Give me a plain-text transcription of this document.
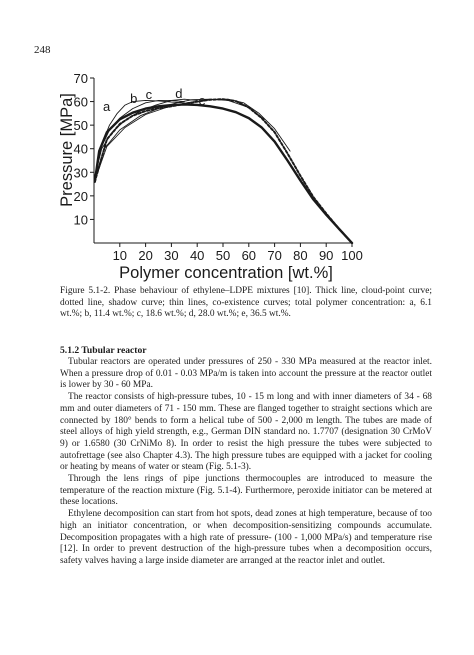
248
10
20
30
40
50
60
70
10 20 30 40 50 60 70 80 90 100
a
b c d e
Polymer concentration [wt.%]
Pressure [MPa]
Figure 5.1-2. Phase behaviour of ethylene–LDPE mixtures [10]. Thick line, cloud-point curve; dotted line, shadow curve; thin lines, co-existence curves; total polymer concentration: a, 6.1 wt.%; b, 11.4 wt.%; c, 18.6 wt.%; d, 28.0 wt.%; e, 36.5 wt.%.
5.1.2 Tubular reactor

Tubular reactors are operated under pressures of 250 - 330 MPa measured at the reactor inlet. When a pressure drop of 0.01 - 0.03 MPa/m is taken into account the pressure at the reactor outlet is lower by 30 - 60 MPa.

The reactor consists of high-pressure tubes, 10 - 15 m long and with inner diameters of 34 - 68 mm and outer diameters of 71 - 150 mm. These are flanged together to straight sections which are connected by 180° bends to form a helical tube of 500 - 2,000 m length. The tubes are made of steel alloys of high yield strength, e.g., German DIN standard no. 1.7707 (designation 30 CrMoV 9) or 1.6580 (30 CrNiMo 8). In order to resist the high pressure the tubes were subjected to autofrettage (see also Chapter 4.3). The high pressure tubes are equipped with a jacket for cooling or heating by means of water or steam (Fig. 5.1-3).

Through the lens rings of pipe junctions thermocouples are introduced to measure the temperature of the reaction mixture (Fig. 5.1-4). Furthermore, peroxide initiator can be metered at these locations.

Ethylene decomposition can start from hot spots, dead zones at high temperature, because of too high an initiator concentration, or when decomposition-sensitizing compounds accumulate. Decomposition propagates with a high rate of pressure- (100 - 1,000 MPa/s) and temperature rise [12]. In order to prevent destruction of the high-pressure tubes when a decomposition occurs, safety valves having a large inside diameter are arranged at the reactor inlet and outlet.
